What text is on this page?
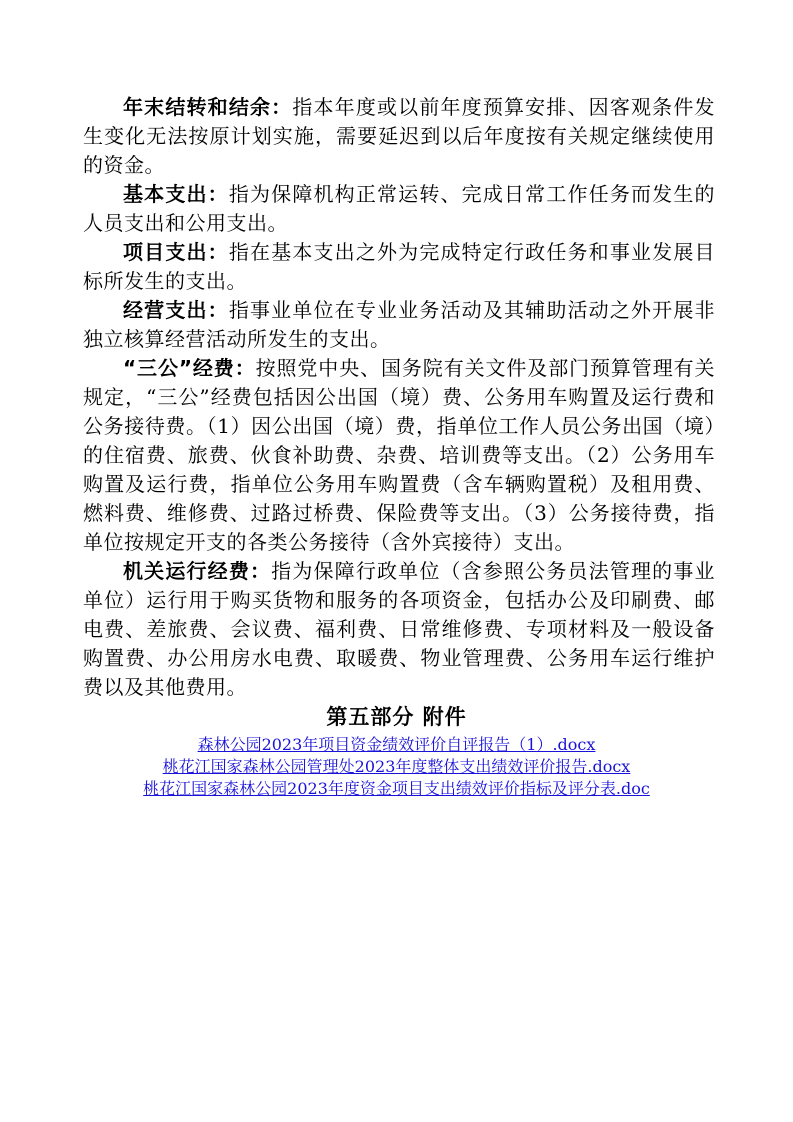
年末结转和结余：指本年度或以前年度预算安排、因客观条件发生变化无法按原计划实施，需要延迟到以后年度按有关规定继续使用的资金。

基本支出：指为保障机构正常运转、完成日常工作任务而发生的人员支出和公用支出。

项目支出：指在基本支出之外为完成特定行政任务和事业发展目标所发生的支出。

经营支出：指事业单位在专业业务活动及其辅助活动之外开展非独立核算经营活动所发生的支出。

“三公”经费：按照党中央、国务院有关文件及部门预算管理有关规定，“三公”经费包括因公出国（境）费、公务用车购置及运行费和公务接待费。（1）因公出国（境）费，指单位工作人员公务出国（境）的住宿费、旅费、伙食补助费、杂费、培训费等支出。（2）公务用车购置及运行费，指单位公务用车购置费（含车辆购置税）及租用费、燃料费、维修费、过路过桥费、保险费等支出。（3）公务接待费，指单位按规定开支的各类公务接待（含外宾接待）支出。

机关运行经费：指为保障行政单位（含参照公务员法管理的事业单位）运行用于购买货物和服务的各项资金，包括办公及印刷费、邮电费、差旅费、会议费、福利费、日常维修费、专项材料及一般设备购置费、办公用房水电费、取暖费、物业管理费、公务用车运行维护费以及其他费用。

第五部分 附件
森林公园2023年项目资金绩效评价自评报告（1）.docx
桃花江国家森林公园管理处2023年度整体支出绩效评价报告.docx
桃花江国家森林公园2023年度资金项目支出绩效评价指标及评分表.doc
